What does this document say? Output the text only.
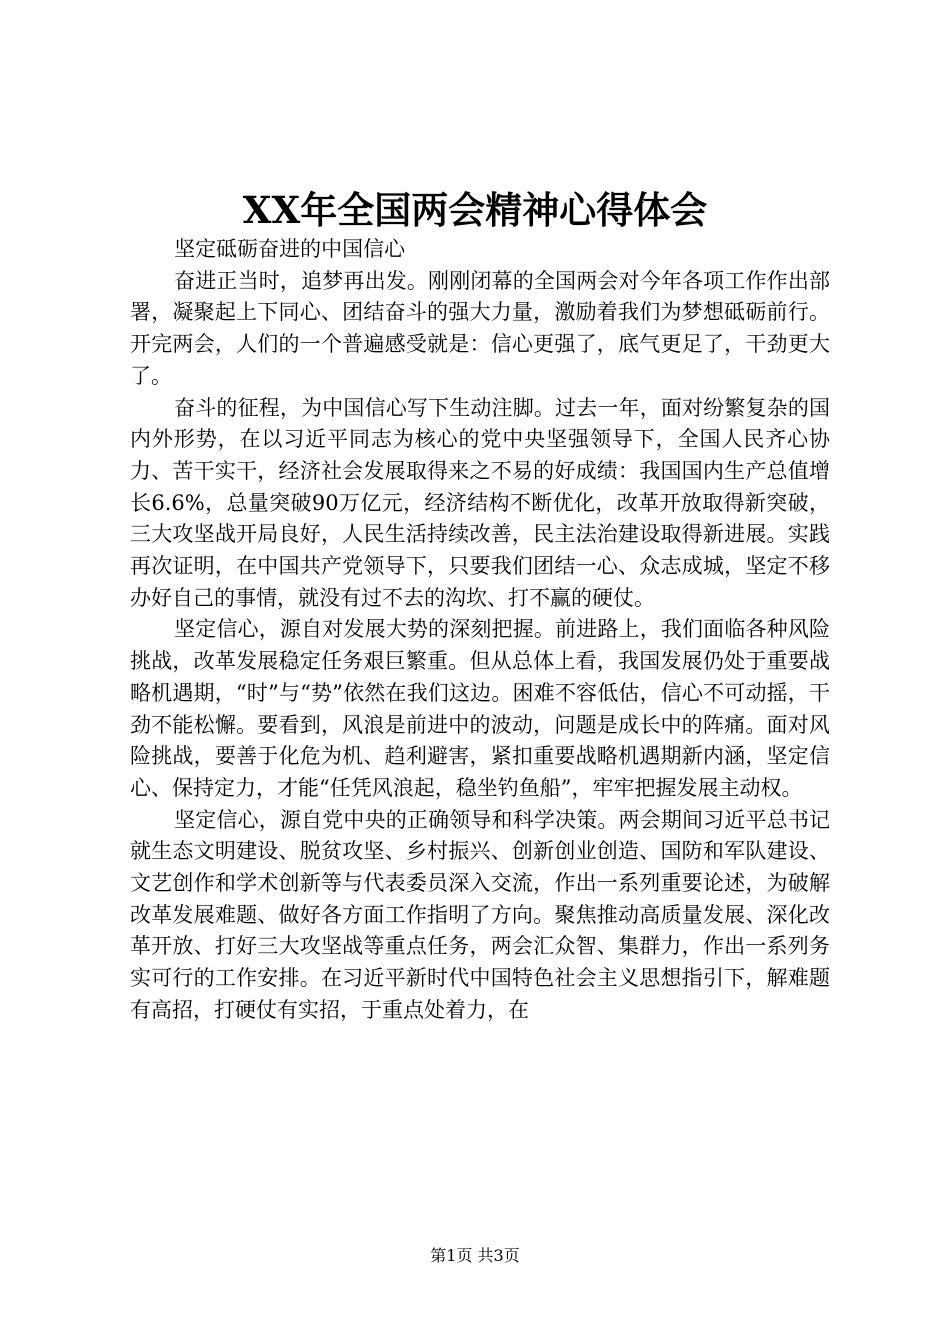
XX年全国两会精神心得体会

坚定砥砺奋进的中国信心

奋进正当时，追梦再出发。刚刚闭幕的全国两会对今年各项工作作出部署，凝聚起上下同心、团结奋斗的强大力量，激励着我们为梦想砥砺前行。开完两会，人们的一个普遍感受就是：信心更强了，底气更足了，干劲更大了。

奋斗的征程，为中国信心写下生动注脚。过去一年，面对纷繁复杂的国内外形势，在以习近平同志为核心的党中央坚强领导下，全国人民齐心协力、苦干实干，经济社会发展取得来之不易的好成绩：我国国内生产总值增长6.6%，总量突破90万亿元，经济结构不断优化，改革开放取得新突破，三大攻坚战开局良好，人民生活持续改善，民主法治建设取得新进展。实践再次证明，在中国共产党领导下，只要我们团结一心、众志成城，坚定不移办好自己的事情，就没有过不去的沟坎、打不赢的硬仗。

坚定信心，源自对发展大势的深刻把握。前进路上，我们面临各种风险挑战，改革发展稳定任务艰巨繁重。但从总体上看，我国发展仍处于重要战略机遇期，“时”与“势”依然在我们这边。困难不容低估，信心不可动摇，干劲不能松懈。要看到，风浪是前进中的波动，问题是成长中的阵痛。面对风险挑战，要善于化危为机、趋利避害，紧扣重要战略机遇期新内涵，坚定信心、保持定力，才能“任凭风浪起，稳坐钓鱼船”，牢牢把握发展主动权。

坚定信心，源自党中央的正确领导和科学决策。两会期间习近平总书记就生态文明建设、脱贫攻坚、乡村振兴、创新创业创造、国防和军队建设、文艺创作和学术创新等与代表委员深入交流，作出一系列重要论述，为破解改革发展难题、做好各方面工作指明了方向。聚焦推动高质量发展、深化改革开放、打好三大攻坚战等重点任务，两会汇众智、集群力，作出一系列务实可行的工作安排。在习近平新时代中国特色社会主义思想指引下，解难题有高招，打硬仗有实招，于重点处着力，在

第1页 共3页
